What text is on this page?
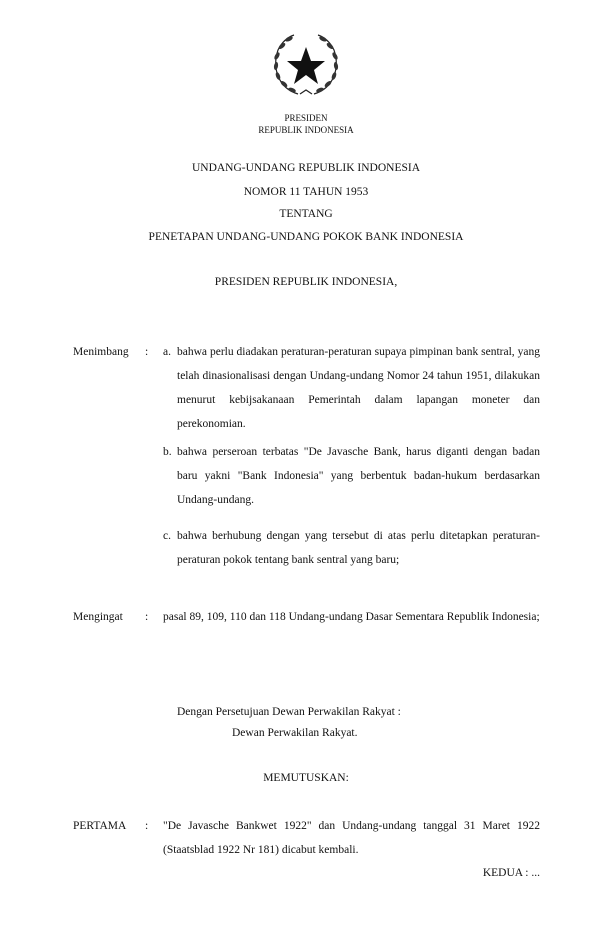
PRESIDEN
REPUBLIK INDONESIA
UNDANG-UNDANG REPUBLIK INDONESIA
NOMOR 11 TAHUN 1953
TENTANG
PENETAPAN UNDANG-UNDANG POKOK BANK INDONESIA
PRESIDEN REPUBLIK INDONESIA,
Menimbang : a. bahwa perlu diadakan peraturan-peraturan supaya pimpinan bank sentral, yang telah dinasionalisasi dengan Undang-undang Nomor 24 tahun 1951, dilakukan menurut kebijsakanaan Pemerintah dalam lapangan moneter dan perekonomian.
b. bahwa perseroan terbatas "De Javasche Bank, harus diganti dengan badan baru yakni "Bank Indonesia" yang berbentuk badan-hukum berdasarkan Undang-undang.
c. bahwa berhubung dengan yang tersebut di atas perlu ditetapkan peraturan-peraturan pokok tentang bank sentral yang baru;
Mengingat : pasal 89, 109, 110 dan 118 Undang-undang Dasar Sementara Republik Indonesia;
Dengan Persetujuan Dewan Perwakilan Rakyat :
Dewan Perwakilan Rakyat.
MEMUTUSKAN:
PERTAMA : "De Javasche Bankwet 1922" dan Undang-undang tanggal 31 Maret 1922 (Staatsblad 1922 Nr 181) dicabut kembali.
KEDUA : ...
